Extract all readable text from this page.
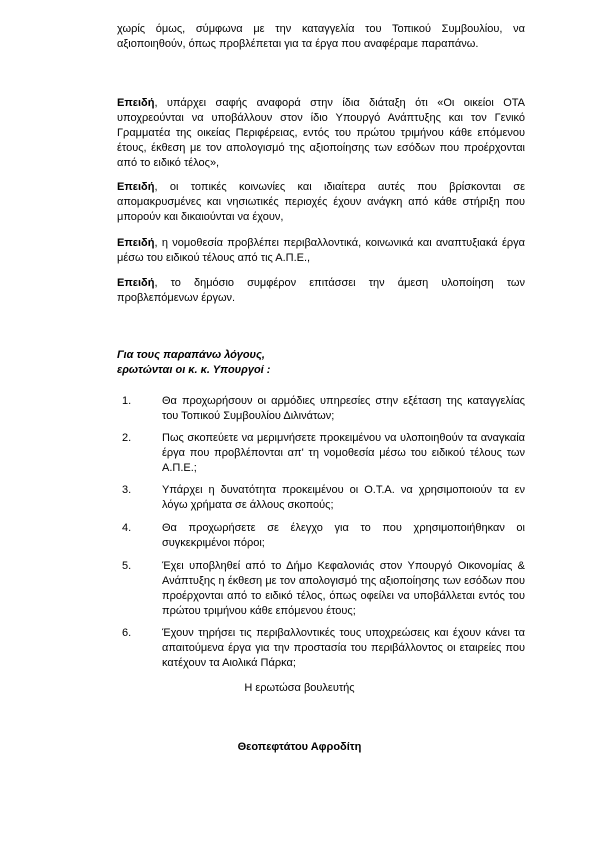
χωρίς όμως, σύμφωνα με την καταγγελία του Τοπικού Συμβουλίου, να αξιοποιηθούν, όπως προβλέπεται για τα έργα που αναφέραμε παραπάνω.

Επειδή, υπάρχει σαφής αναφορά στην ίδια διάταξη ότι «Οι οικείοι ΟΤΑ υποχρεούνται να υποβάλλουν στον ίδιο Υπουργό Ανάπτυξης και τον Γενικό Γραμματέα της οικείας Περιφέρειας, εντός του πρώτου τριμήνου κάθε επόμενου έτους, έκθεση με τον απολογισμό της αξιοποίησης των εσόδων που προέρχονται από το ειδικό τέλος»,

Επειδή, οι τοπικές κοινωνίες και ιδιαίτερα αυτές που βρίσκονται σε απομακρυσμένες και νησιωτικές περιοχές έχουν ανάγκη από κάθε στήριξη που μπορούν και δικαιούνται να έχουν,

Επειδή, η νομοθεσία προβλέπει περιβαλλοντικά, κοινωνικά και αναπτυξιακά έργα μέσω του ειδικού τέλους από τις Α.Π.Ε.,

Επειδή, το δημόσιο συμφέρον επιτάσσει την άμεση υλοποίηση των προβλεπόμενων έργων.

Για τους παραπάνω λόγους,
ερωτώνται οι κ. κ. Υπουργοί :
1.	Θα προχωρήσουν οι αρμόδιες υπηρεσίες στην εξέταση της καταγγελίας του Τοπικού Συμβουλίου Διλινάτων;

2.	Πως σκοπεύετε να μεριμνήσετε προκειμένου να υλοποιηθούν τα αναγκαία έργα που προβλέπονται απ' τη νομοθεσία μέσω του ειδικού τέλους των Α.Π.Ε.;

3.	Υπάρχει η δυνατότητα προκειμένου οι Ο.Τ.Α. να χρησιμοποιούν τα εν λόγω χρήματα σε άλλους σκοπούς;

4.	Θα προχωρήσετε σε έλεγχο για το που χρησιμοποιήθηκαν οι συγκεκριμένοι πόροι;

5.	Έχει υποβληθεί από το Δήμο Κεφαλονιάς στον Υπουργό Οικονομίας & Ανάπτυξης η έκθεση με τον απολογισμό της αξιοποίησης των εσόδων που προέρχονται από το ειδικό τέλος, όπως οφείλει να υποβάλλεται εντός του πρώτου τριμήνου κάθε επόμενου έτους;

6.	Έχουν τηρήσει τις περιβαλλοντικές τους υποχρεώσεις και έχουν κάνει τα απαιτούμενα έργα για την προστασία του περιβάλλοντος οι εταιρείες που κατέχουν τα Αιολικά Πάρκα;

Η ερωτώσα βουλευτής
Θεοπεφτάτου Αφροδίτη
